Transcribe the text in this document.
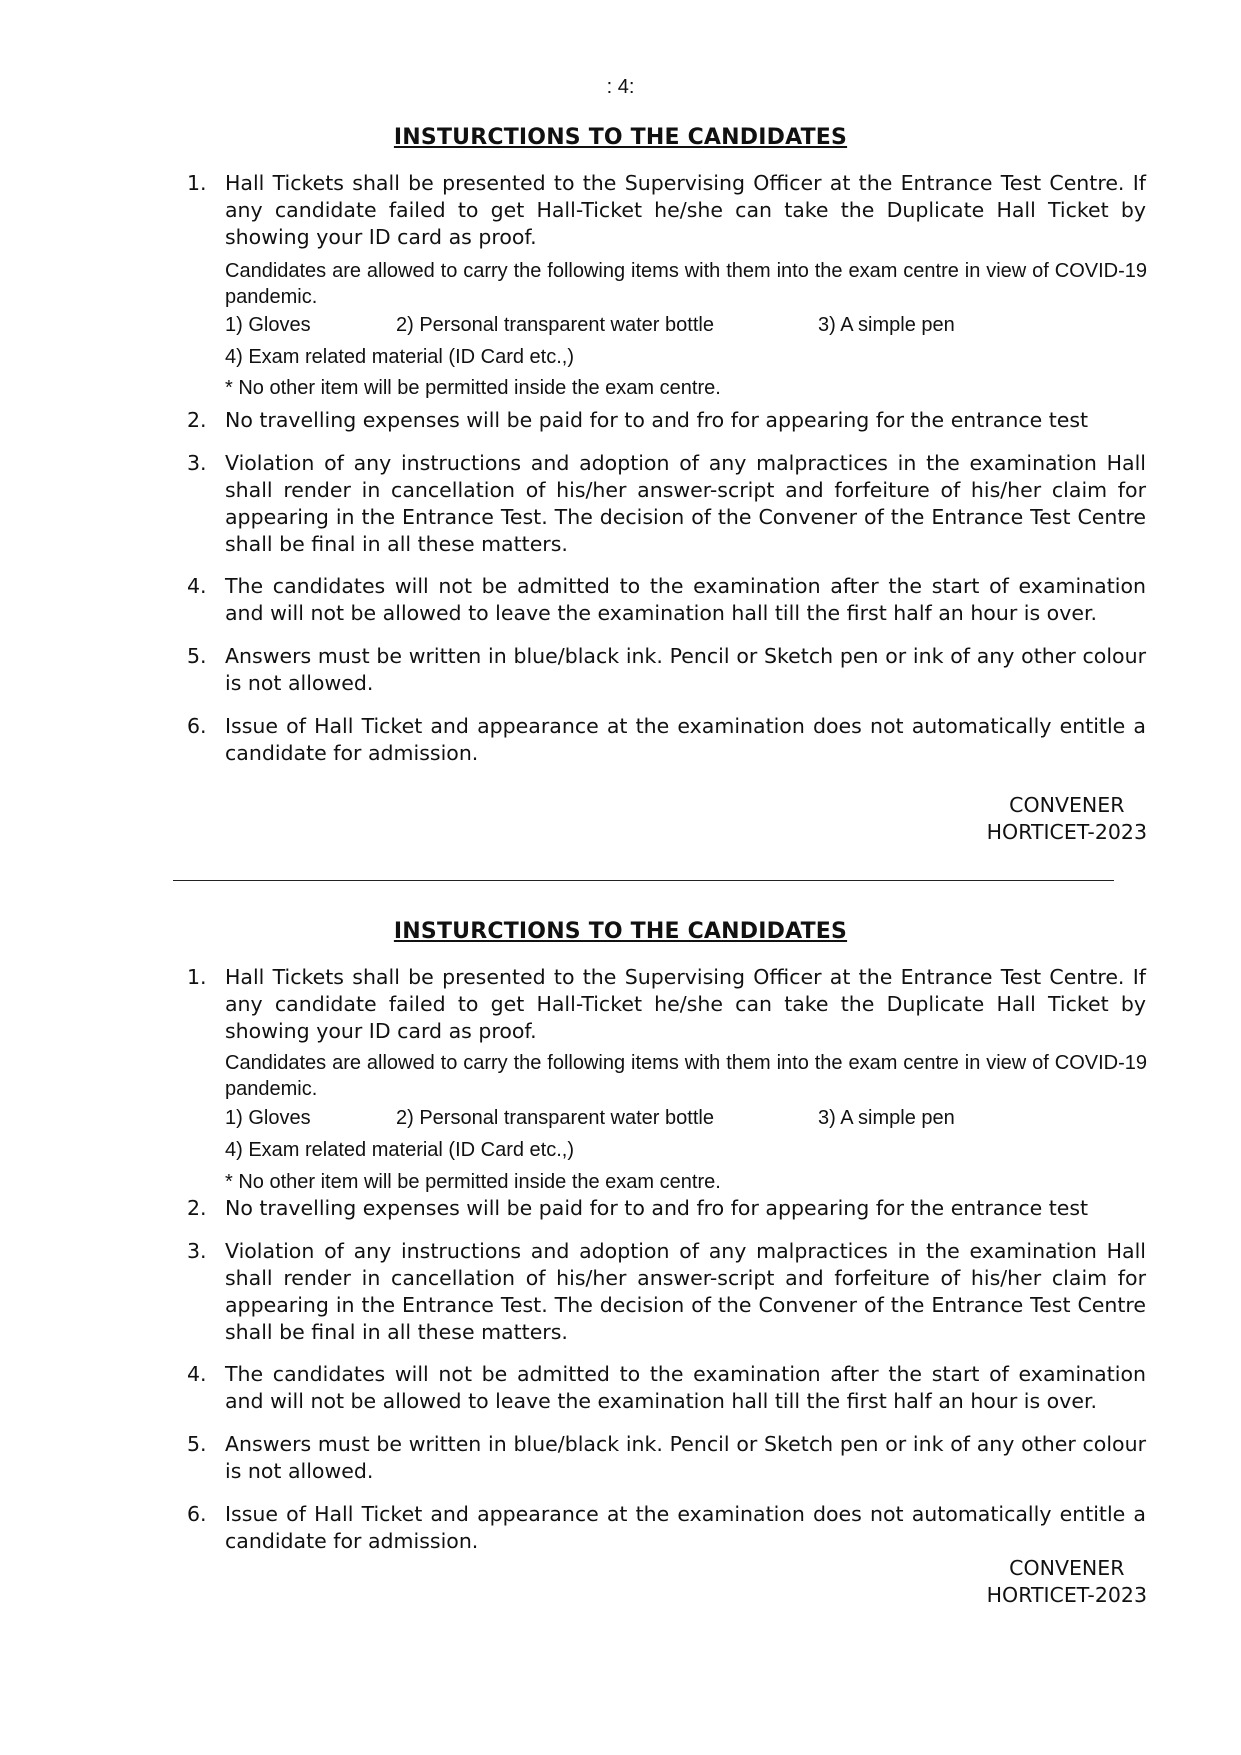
: 4:
INSTURCTIONS TO THE CANDIDATES
1. Hall Tickets shall be presented to the Supervising Officer at the Entrance Test Centre. If any candidate failed to get Hall-Ticket he/she can take the Duplicate Hall Ticket by showing your ID card as proof.
Candidates are allowed to carry the following items with them into the exam centre in view of COVID-19 pandemic.
1) Gloves	2) Personal transparent water bottle	3) A simple pen
4) Exam related material (ID Card etc.,)
* No other item will be permitted inside the exam centre.
2. No travelling expenses will be paid for to and fro for appearing for the entrance test
3. Violation of any instructions and adoption of any malpractices in the examination Hall shall render in cancellation of his/her answer-script and forfeiture of his/her claim for appearing in the Entrance Test. The decision of the Convener of the Entrance Test Centre shall be final in all these matters.
4. The candidates will not be admitted to the examination after the start of examination and will not be allowed to leave the examination hall till the first half an hour is over.
5. Answers must be written in blue/black ink. Pencil or Sketch pen or ink of any other colour is not allowed.
6. Issue of Hall Ticket and appearance at the examination does not automatically entitle a candidate for admission.
CONVENER
HORTICET-2023
INSTURCTIONS TO THE CANDIDATES
1. Hall Tickets shall be presented to the Supervising Officer at the Entrance Test Centre. If any candidate failed to get Hall-Ticket he/she can take the Duplicate Hall Ticket by showing your ID card as proof.
Candidates are allowed to carry the following items with them into the exam centre in view of COVID-19 pandemic.
1) Gloves	2) Personal transparent water bottle	3) A simple pen
4) Exam related material (ID Card etc.,)
* No other item will be permitted inside the exam centre.
2. No travelling expenses will be paid for to and fro for appearing for the entrance test
3. Violation of any instructions and adoption of any malpractices in the examination Hall shall render in cancellation of his/her answer-script and forfeiture of his/her claim for appearing in the Entrance Test. The decision of the Convener of the Entrance Test Centre shall be final in all these matters.
4. The candidates will not be admitted to the examination after the start of examination and will not be allowed to leave the examination hall till the first half an hour is over.
5. Answers must be written in blue/black ink. Pencil or Sketch pen or ink of any other colour is not allowed.
6. Issue of Hall Ticket and appearance at the examination does not automatically entitle a candidate for admission.
CONVENER
HORTICET-2023
